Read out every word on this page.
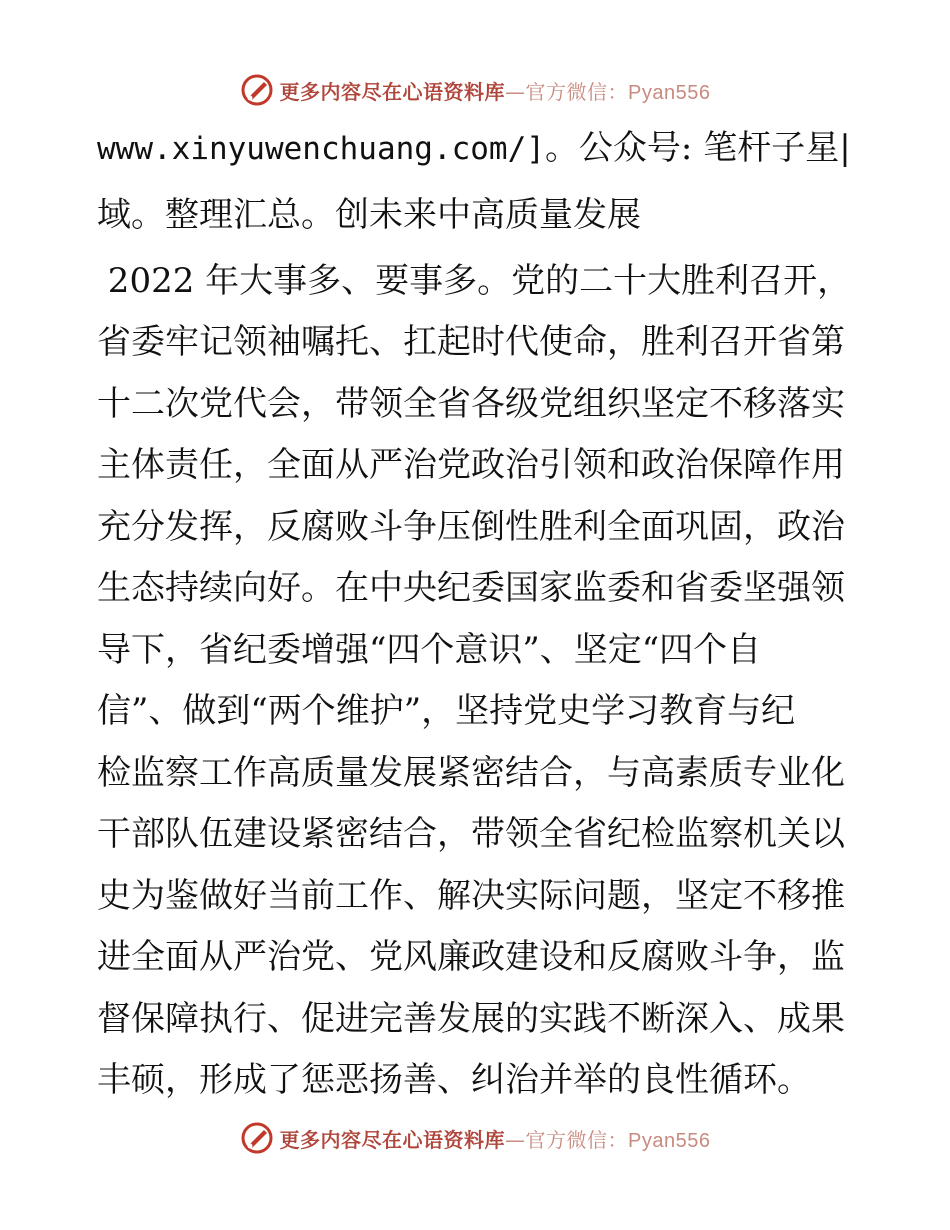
更多内容尽在心语资料库—官方微信：Pyan556
www.xinyuwenchuang.com/]。公众号: 笔杆子星|
域。整理汇总。创未来中高质量发展
2022 年大事多、要事多。党的二十大胜利召开，
省委牢记领袖嘱托、扛起时代使命，胜利召开省第
十二次党代会，带领全省各级党组织坚定不移落实
主体责任，全面从严治党政治引领和政治保障作用
充分发挥，反腐败斗争压倒性胜利全面巩固，政治
生态持续向好。在中央纪委国家监委和省委坚强领
导下，省纪委增强“四个意识”、坚定“四个自
信”、做到“两个维护”，坚持党史学习教育与纪
检监察工作高质量发展紧密结合，与高素质专业化
干部队伍建设紧密结合，带领全省纪检监察机关以
史为鉴做好当前工作、解决实际问题，坚定不移推
进全面从严治党、党风廉政建设和反腐败斗争，监
督保障执行、促进完善发展的实践不断深入、成果
丰硕，形成了惩恶扬善、纠治并举的良性循环。
更多内容尽在心语资料库—官方微信：Pyan556
